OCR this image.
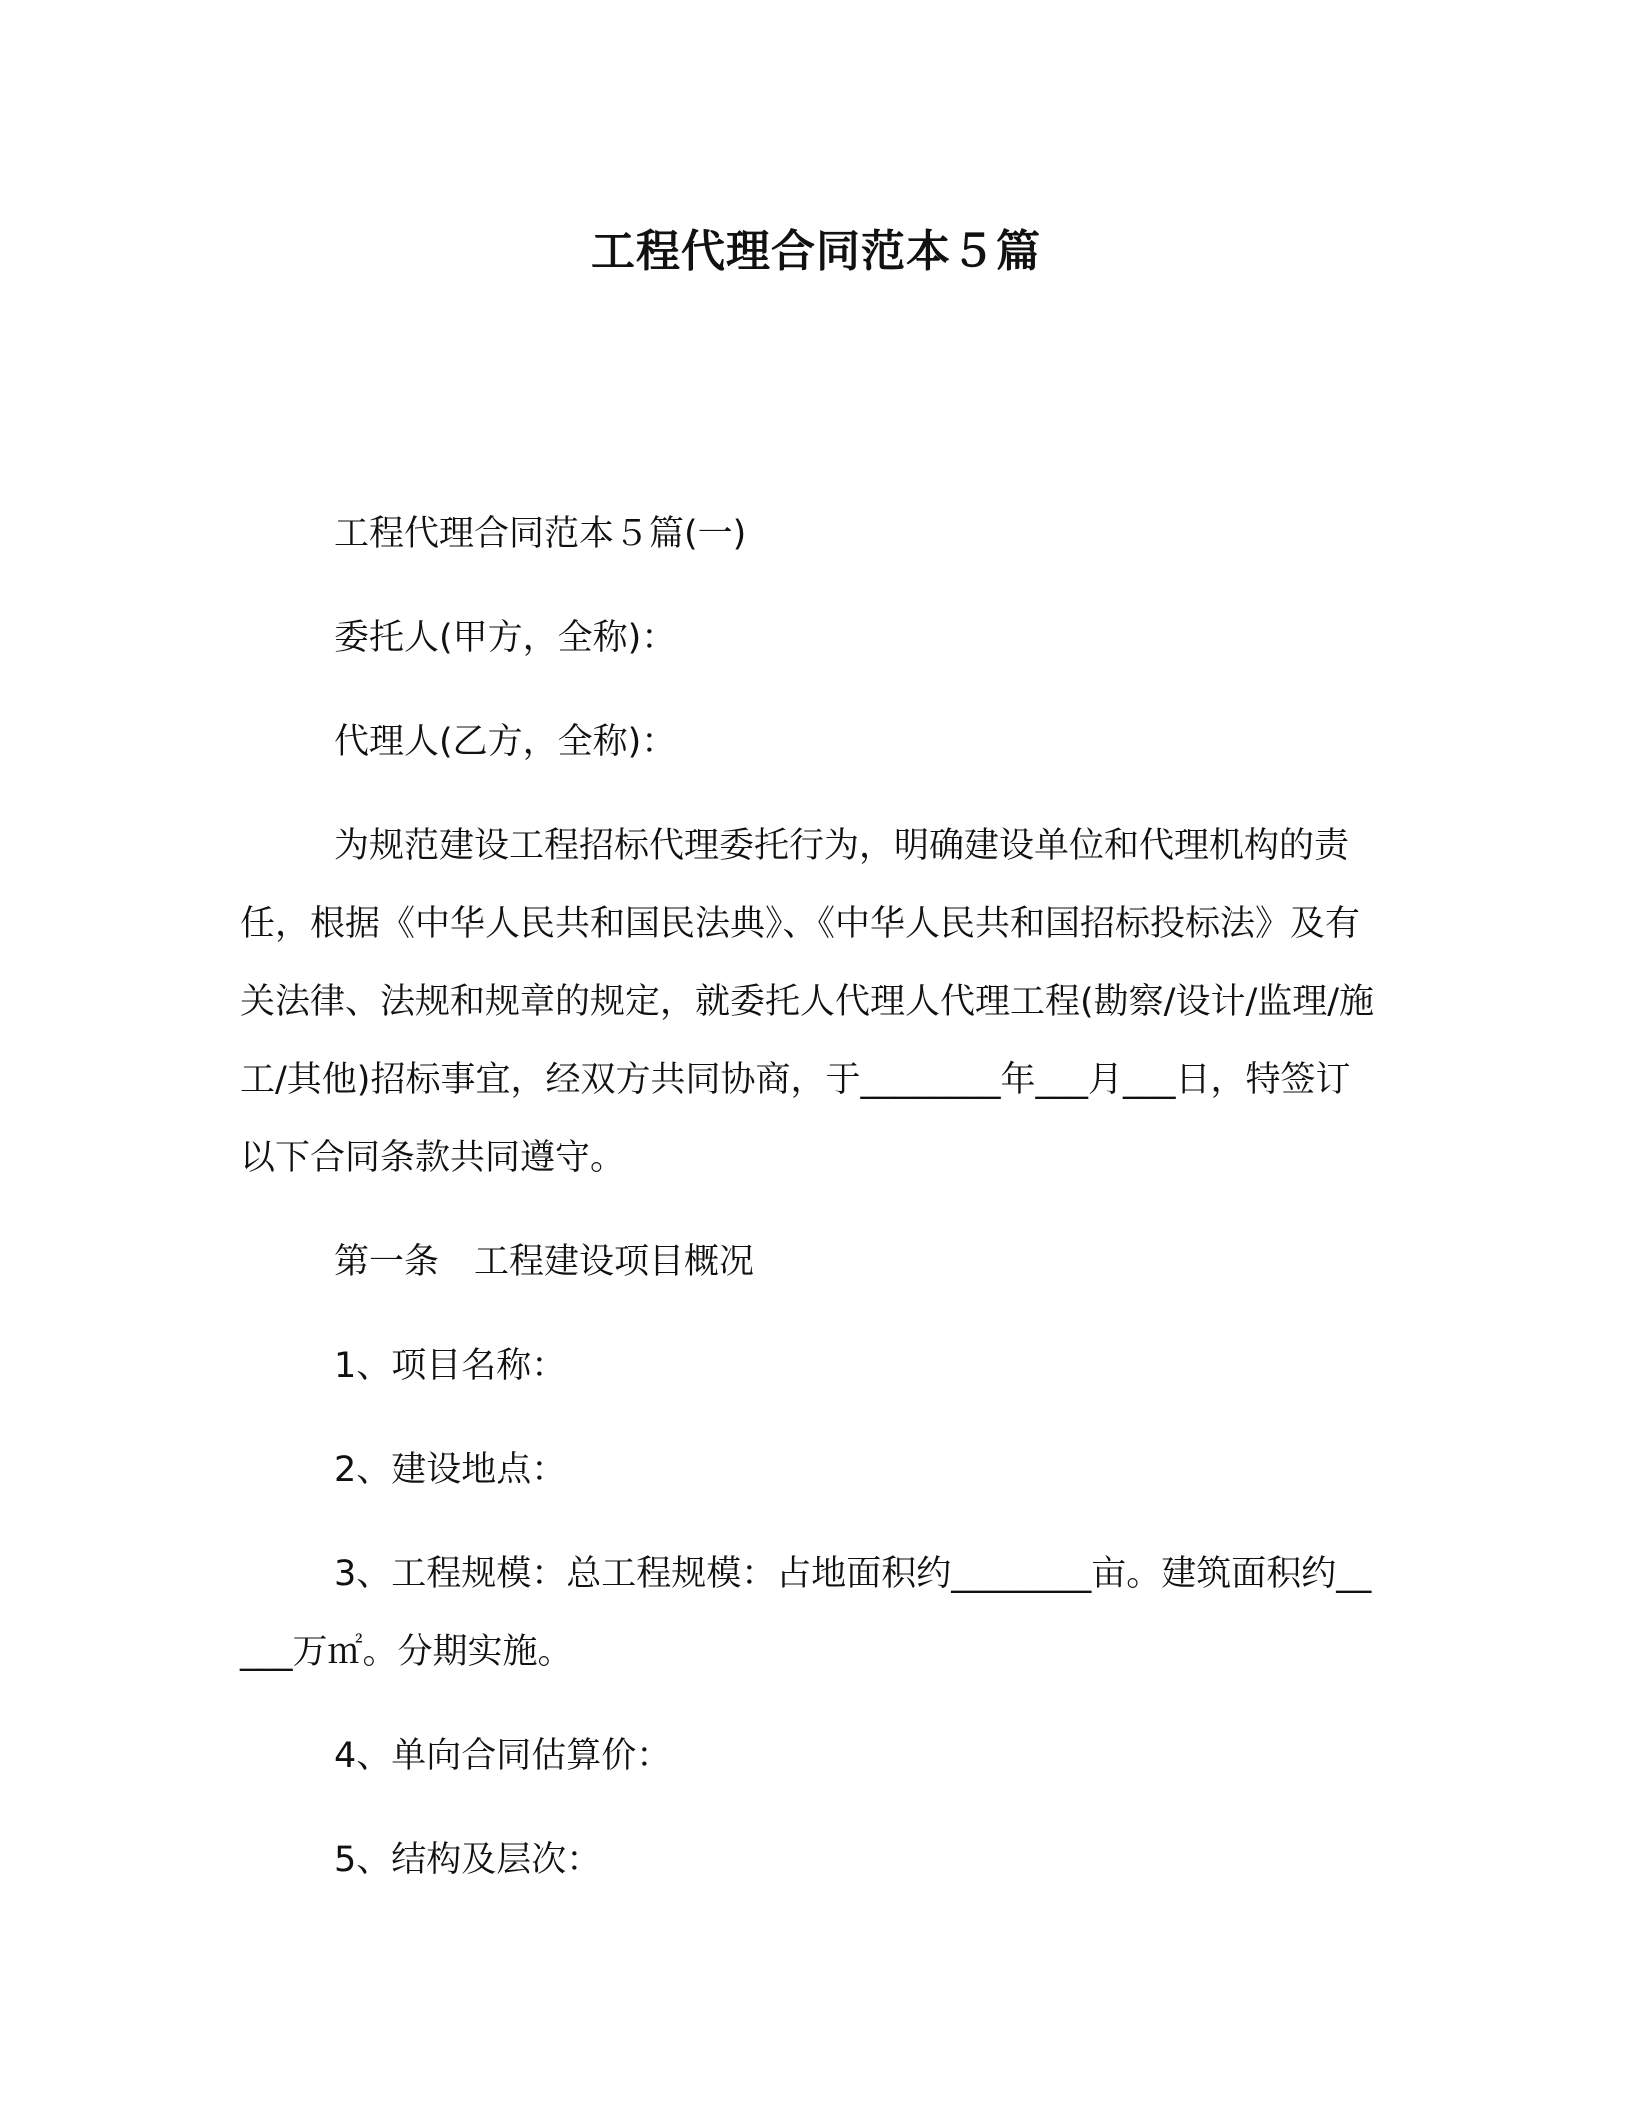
工程代理合同范本５篇

工程代理合同范本５篇(一)

委托人(甲方，全称)：

代理人(乙方，全称)：

为规范建设工程招标代理委托行为，明确建设单位和代理机构的责任，根据《中华人民共和国民法典》、《中华人民共和国招标投标法》及有关法律、法规和规章的规定，就委托人代理人代理工程(勘察/设计/监理/施工/其他)招标事宜，经双方共同协商，于________年___月___日，特签订以下合同条款共同遵守。

第一条　工程建设项目概况

1、项目名称：

2、建设地点：

3、工程规模：总工程规模：占地面积约________亩。建筑面积约_____万㎡。分期实施。

4、单向合同估算价：

5、结构及层次：
